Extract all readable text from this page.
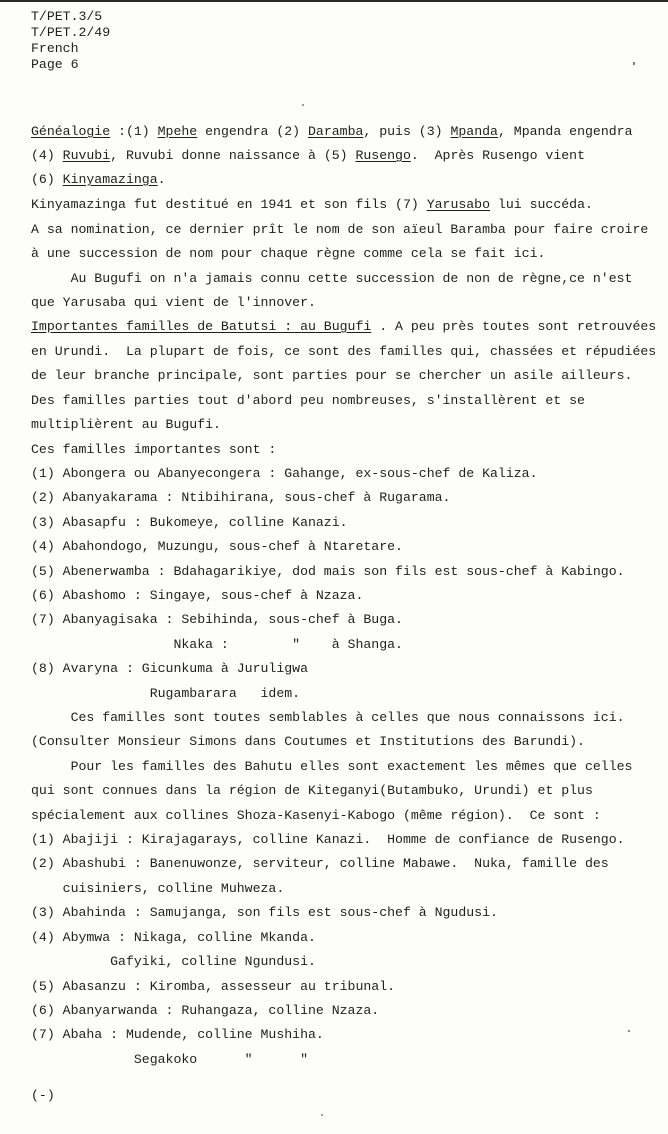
T/PET.3/5
T/PET.2/49
French
Page 6
Généalogie :(1) Mpehe engendra (2) Daramba, puis (3) Mpanda, Mpanda engendra
(4) Ruvubi, Ruvubi donne naissance à (5) Rusengo.  Après Rusengo vient
(6) Kinyamazinga.
Kinyamazinga fut destitué en 1941 et son fils (7) Yarusabo lui succéda.
A sa nomination, ce dernier prît le nom de son aïeul Baramba pour faire croire
à une succession de nom pour chaque règne comme cela se fait ici.
Au Bugufi on n'a jamais connu cette succession de non de règne,ce n'est
que Yarusaba qui vient de l'innover.
Importantes familles de Batutsi : au Bugufi . A peu près toutes sont retrouvées
en Urundi.  La plupart de fois, ce sont des familles qui, chassées et répudiées
de leur branche principale, sont parties pour se chercher un asile ailleurs.
Des familles parties tout d'abord peu nombreuses, s'installèrent et se
multiplièrent au Bugufi.
Ces familles importantes sont :
(1) Abongera ou Abanyecongera : Gahange, ex-sous-chef de Kaliza.
(2) Abanyakarama : Ntibihirana, sous-chef à Rugarama.
(3) Abasapfu : Bukomeye, colline Kanazi.
(4) Abahondogo, Muzungu, sous-chef à Ntaretare.
(5) Abenerwamba : Bdahagarikiye, dod mais son fils est sous-chef à Kabingo.
(6) Abashomo : Singaye, sous-chef à Nzaza.
(7) Abanyagisaka : Sebihinda, sous-chef à Buga.
Nkaka :        "    à Shanga.
(8) Avaryna : Gicunkuma à Juruligwa
Rugambarara   idem.
Ces familles sont toutes semblables à celles que nous connaissons ici.
(Consulter Monsieur Simons dans Coutumes et Institutions des Barundi).
Pour les familles des Bahutu elles sont exactement les mêmes que celles
qui sont connues dans la région de Kiteganyi(Butambuko, Urundi) et plus
spécialement aux collines Shoza-Kasenyi-Kabogo (même région).  Ce sont :
(1) Abajiji : Kirajagarays, colline Kanazi.  Homme de confiance de Rusengo.
(2) Abashubi : Banenuwonze, serviteur, colline Mabawe.  Nuka, famille des
cuisiniers, colline Muhweza.
(3) Abahinda : Samujanga, son fils est sous-chef à Ngudusi.
(4) Abymwa : Nikaga, colline Mkanda.
Gafyiki, colline Ngundusi.
(5) Abasanzu : Kiromba, assesseur au tribunal.
(6) Abanyarwanda : Ruhangaza, colline Nzaza.
(7) Abaha : Mudende, colline Mushiha.
Segakoko      "      "
(-)
